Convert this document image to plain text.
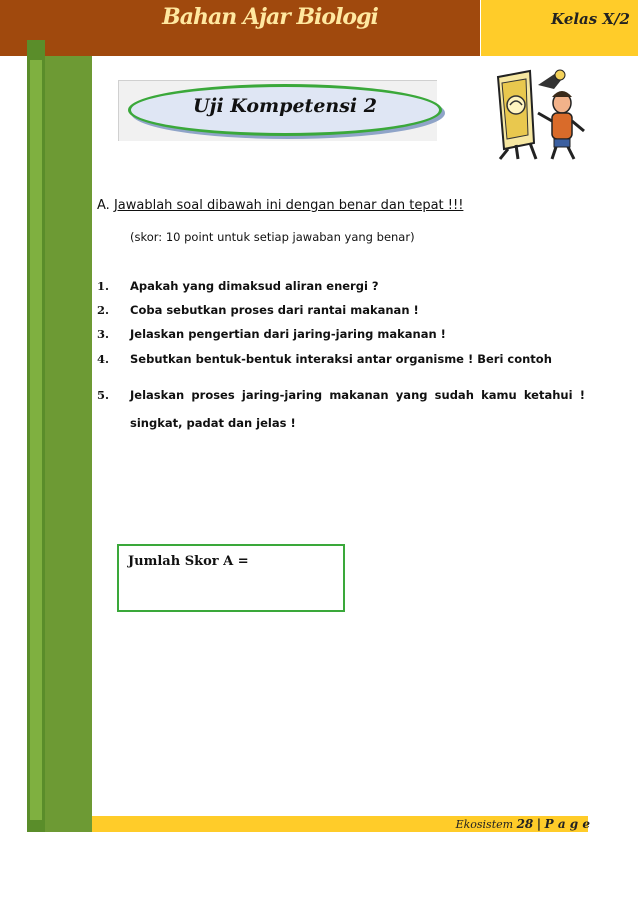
Bahan Ajar Biologi	Kelas X/2
Uji Kompetensi 2
A. Jawablah soal dibawah ini dengan benar dan tepat !!!
(skor: 10 point untuk setiap jawaban yang benar)
1. Apakah yang dimaksud aliran energi ?
2. Coba sebutkan proses dari rantai makanan !
3. Jelaskan pengertian dari jaring-jaring makanan !
4. Sebutkan bentuk-bentuk interaksi antar organisme ! Beri contoh
5. Jelaskan proses jaring-jaring makanan yang sudah kamu ketahui !
singkat, padat dan jelas !
Jumlah Skor A =
Ekosistem 28 | P a g e
